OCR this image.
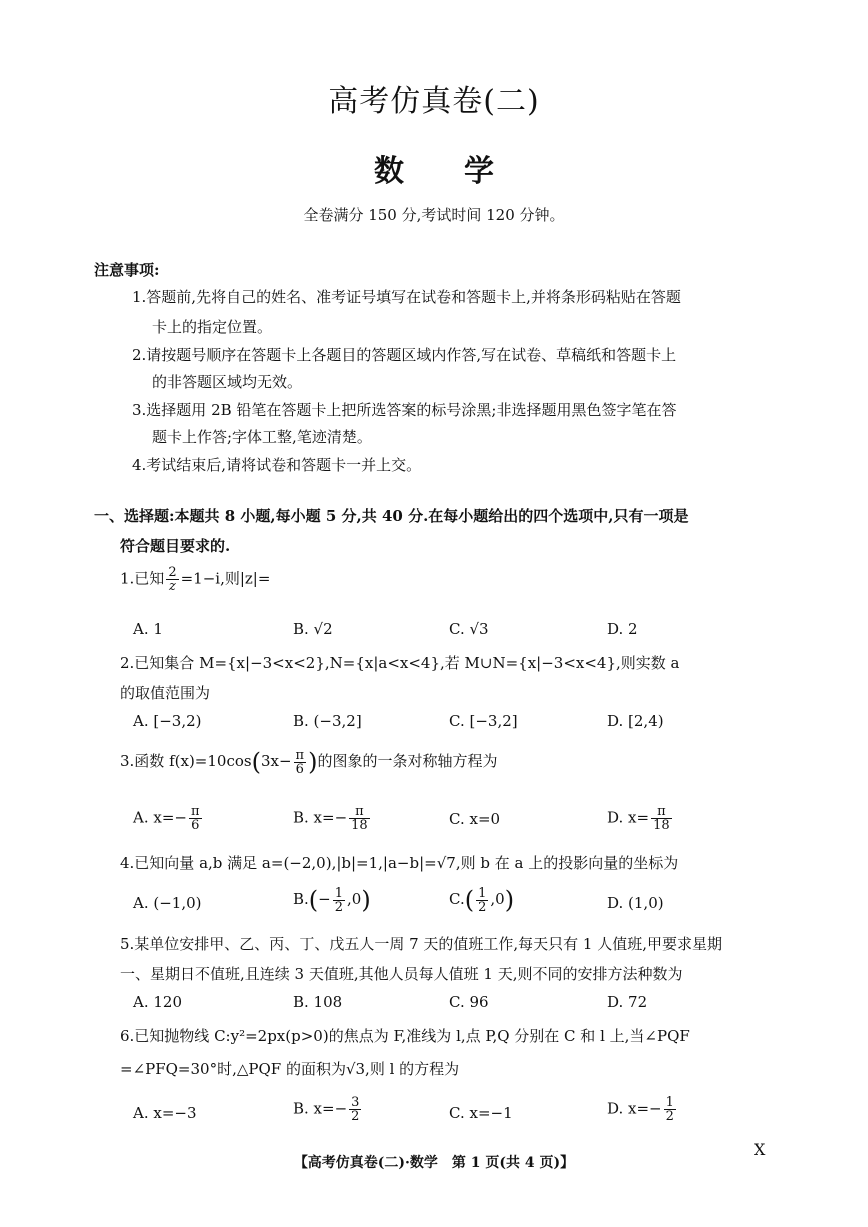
高考仿真卷(二)
数学
全卷满分 150 分,考试时间 120 分钟。
注意事项:
1.答题前,先将自己的姓名、准考证号填写在试卷和答题卡上,并将条形码粘贴在答题
卡上的指定位置。
2.请按题号顺序在答题卡上各题目的答题区域内作答,写在试卷、草稿纸和答题卡上
的非答题区域均无效。
3.选择题用 2B 铅笔在答题卡上把所选答案的标号涂黑;非选择题用黑色签字笔在答
题卡上作答;字体工整,笔迹清楚。
4.考试结束后,请将试卷和答题卡一并上交。
一、选择题:本题共 8 小题,每小题 5 分,共 40 分.在每小题给出的四个选项中,只有一项是
符合题目要求的.
1.已知 $\frac{2}{z} =1-i$,则|z|=
A. 1	B. √2	C. √3	D. 2
2.已知集合 M={x|−3<x<2},N={x|a<x<4},若 M∪N={x|−3<x<4},则实数 a
的取值范围为
A. [−3,2)	B. (−3,2]	C. [−3,2]	D. [2,4)
3.函数 $f(x)=10\cos(3x- \frac{\pi}{6}$ )的图象的一条对称轴方程为
A. $x=- \frac{\pi}{6}$	B. $x=- \frac{\pi}{18}$	C. x=0	D. $x= \frac{\pi}{18}$
4.已知向量 a,b 满足 a=(−2,0),|b|=1,|a−b|=√7,则 b 在 a 上的投影向量的坐标为
A. (−1,0)	$B.(- \frac{1}{2} ,0)$	$C.( \frac{1}{2} ,0)$	D. (1,0)
5.某单位安排甲、乙、丙、丁、戊五人一周 7 天的值班工作,每天只有 1 人值班,甲要求星期
一、星期日不值班,且连续 3 天值班,其他人员每人值班 1 天,则不同的安排方法种数为
A. 120	B. 108	C. 96	D. 72
6.已知抛物线 C:y²=2px(p>0)的焦点为 F,准线为 l,点 P,Q 分别在 C 和 l 上,当∠PQF
=∠PFQ=30°时,△PQF 的面积为√3,则 l 的方程为
A. x=−3	B. $x=- \frac{3}{2}$	C. x=−1	D. $x=- \frac{1}{2}$
【高考仿真卷(二)·数学　第 1 页(共 4 页)】
X
